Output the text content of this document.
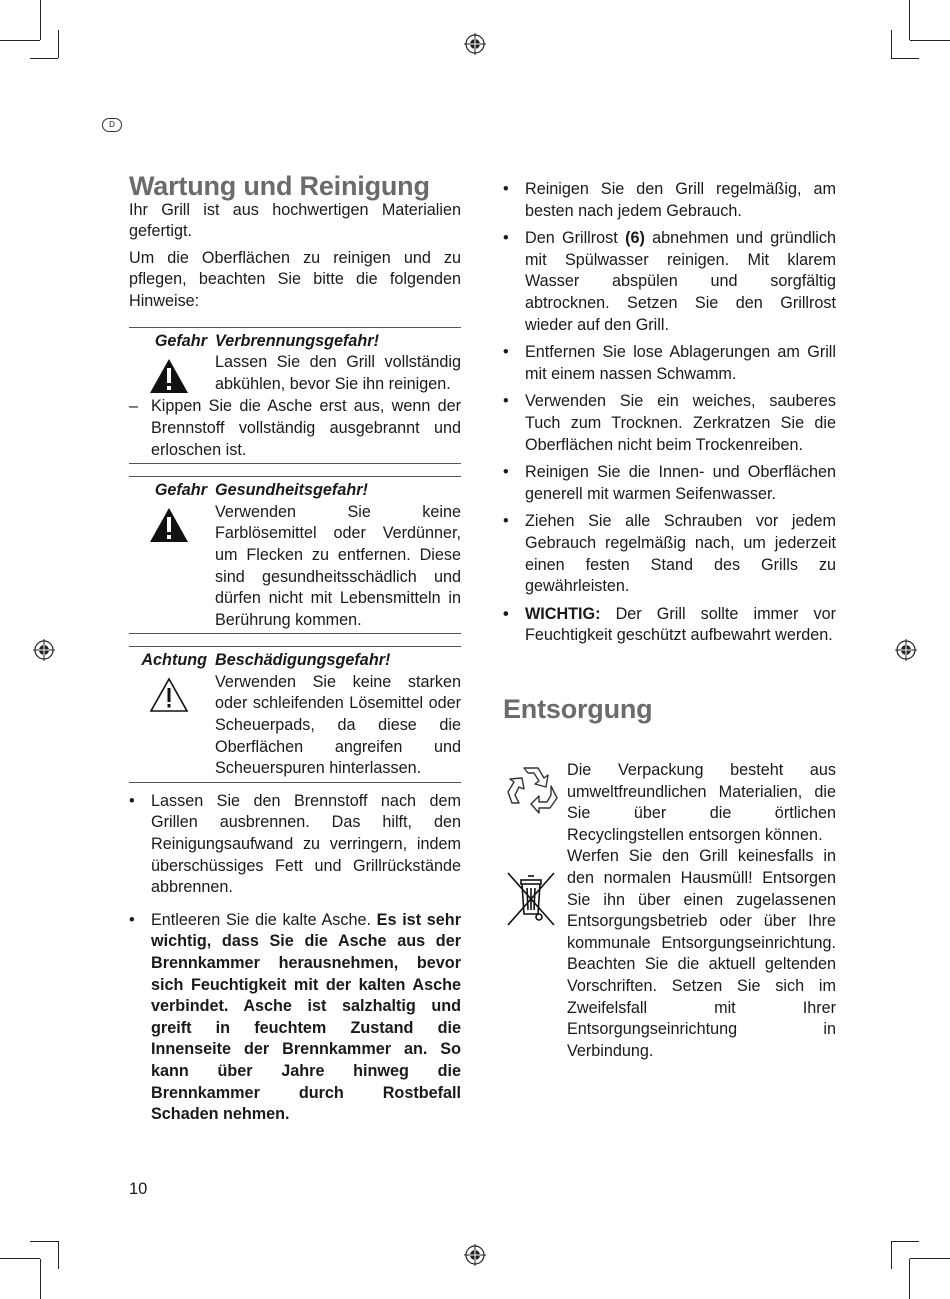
D
Wartung und Reinigung

Ihr Grill ist aus hochwertigen Materialien gefertigt.

Um die Oberflächen zu reinigen und zu pflegen, beachten Sie bitte die folgenden Hinweise:

Gefahr Verbrennungsgefahr!

Lassen Sie den Grill vollständig abkühlen, bevor Sie ihn reinigen.

– Kippen Sie die Asche erst aus, wenn der Brennstoff vollständig ausgebrannt und erloschen ist.
Gefahr Gesundheitsgefahr!

Verwenden Sie keine Farblösemittel oder Verdünner, um Flecken zu entfernen. Diese sind gesundheitsschädlich und dürfen nicht mit Lebensmitteln in Berührung kommen.

Achtung Beschädigungsgefahr!

Verwenden Sie keine starken oder schleifenden Lösemittel oder Scheuerpads, da diese die Oberflächen angreifen und Scheuerspuren hinterlassen.

• Lassen Sie den Brennstoff nach dem Grillen ausbrennen. Das hilft, den Reinigungsaufwand zu verringern, indem überschüssiges Fett und Grillrückstände abbrennen.
• Entleeren Sie die kalte Asche. Es ist sehr wichtig, dass Sie die Asche aus der Brennkammer herausnehmen, bevor sich Feuchtigkeit mit der kalten Asche verbindet. Asche ist salzhaltig und greift in feuchtem Zustand die Innenseite der Brennkammer an. So kann über Jahre hinweg die Brennkammer durch Rostbefall Schaden nehmen.
• Reinigen Sie den Grill regelmäßig, am besten nach jedem Gebrauch.
• Den Grillrost (6) abnehmen und gründlich mit Spülwasser reinigen. Mit klarem Wasser abspülen und sorgfältig abtrocknen. Setzen Sie den Grillrost wieder auf den Grill.
• Entfernen Sie lose Ablagerungen am Grill mit einem nassen Schwamm.
• Verwenden Sie ein weiches, sauberes Tuch zum Trocknen. Zerkratzen Sie die Oberflächen nicht beim Trockenreiben.
• Reinigen Sie die Innen- und Oberflächen generell mit warmen Seifenwasser.
• Ziehen Sie alle Schrauben vor jedem Gebrauch regelmäßig nach, um jederzeit einen festen Stand des Grills zu gewährleisten.
• WICHTIG: Der Grill sollte immer vor Feuchtigkeit geschützt aufbewahrt werden.
Entsorgung

Die Verpackung besteht aus umweltfreundlichen Materialien, die Sie über die örtlichen Recyclingstellen entsorgen können.

Werfen Sie den Grill keinesfalls in den normalen Hausmüll! Entsorgen Sie ihn über einen zugelassenen Entsorgungsbetrieb oder über Ihre kommunale Entsorgungseinrichtung. Beachten Sie die aktuell geltenden Vorschriften. Setzen Sie sich im Zweifelsfall mit Ihrer Entsorgungseinrichtung in Verbindung.

10
